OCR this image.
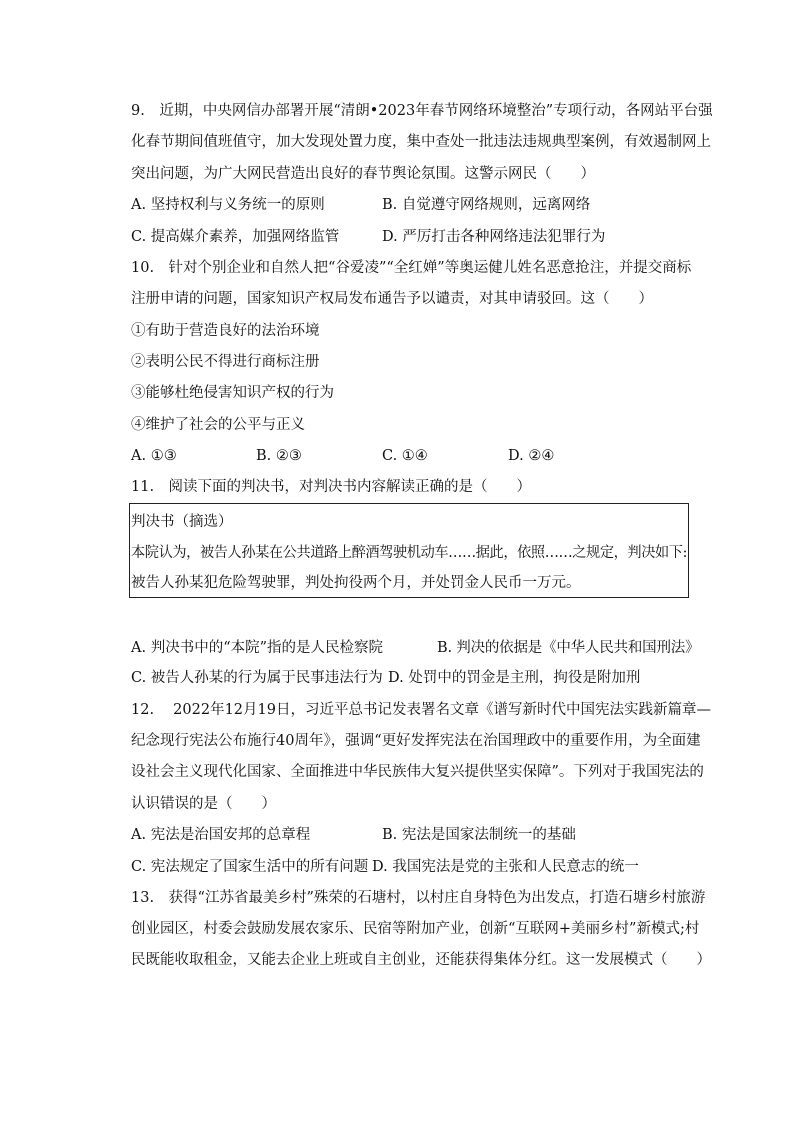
9.　近期，中央网信办部署开展“清朗•2023年春节网络环境整治”专项行动，各网站平台强
化春节期间值班值守，加大发现处置力度，集中查处一批违法违规典型案例，有效遏制网上
突出问题，为广大网民营造出良好的春节舆论氛围。这警示网民（　　）
A. 坚持权利与义务统一的原则	B. 自觉遵守网络规则，远离网络
C. 提高媒介素养，加强网络监管	D. 严厉打击各种网络违法犯罪行为
10.　针对个别企业和自然人把“谷爱凌”“全红婵”等奥运健儿姓名恶意抢注，并提交商标
注册申请的问题，国家知识产权局发布通告予以谴责，对其申请驳回。这（　　）
①有助于营造良好的法治环境
②表明公民不得进行商标注册
③能够杜绝侵害知识产权的行为
④维护了社会的公平与正义
A. ①③	B. ②③	C. ①④	D. ②④
11.　阅读下面的判决书，对判决书内容解读正确的是（　　）
判决书（摘选）
本院认为，被告人孙某在公共道路上醉酒驾驶机动车……据此，依照……之规定，判决如下:
被告人孙某犯危险驾驶罪，判处拘役两个月，并处罚金人民币一万元。
A. 判决书中的“本院”指的是人民检察院	B. 判决的依据是《中华人民共和国刑法》
C. 被告人孙某的行为属于民事违法行为 D. 处罚中的罚金是主刑，拘役是附加刑
12.　 2022年12月19日，习近平总书记发表署名文章《谱写新时代中国宪法实践新篇章—
纪念现行宪法公布施行40周年》，强调“更好发挥宪法在治国理政中的重要作用，为全面建
设社会主义现代化国家、全面推进中华民族伟大复兴提供坚实保障”。下列对于我国宪法的
认识错误的是（　　）
A. 宪法是治国安邦的总章程	B. 宪法是国家法制统一的基础
C. 宪法规定了国家生活中的所有问题 D. 我国宪法是党的主张和人民意志的统一
13.　获得“江苏省最美乡村”殊荣的石塘村，以村庄自身特色为出发点，打造石塘乡村旅游
创业园区，村委会鼓励发展农家乐、民宿等附加产业，创新“互联网+美丽乡村”新模式;村
民既能收取租金，又能去企业上班或自主创业，还能获得集体分红。这一发展模式（　　）
